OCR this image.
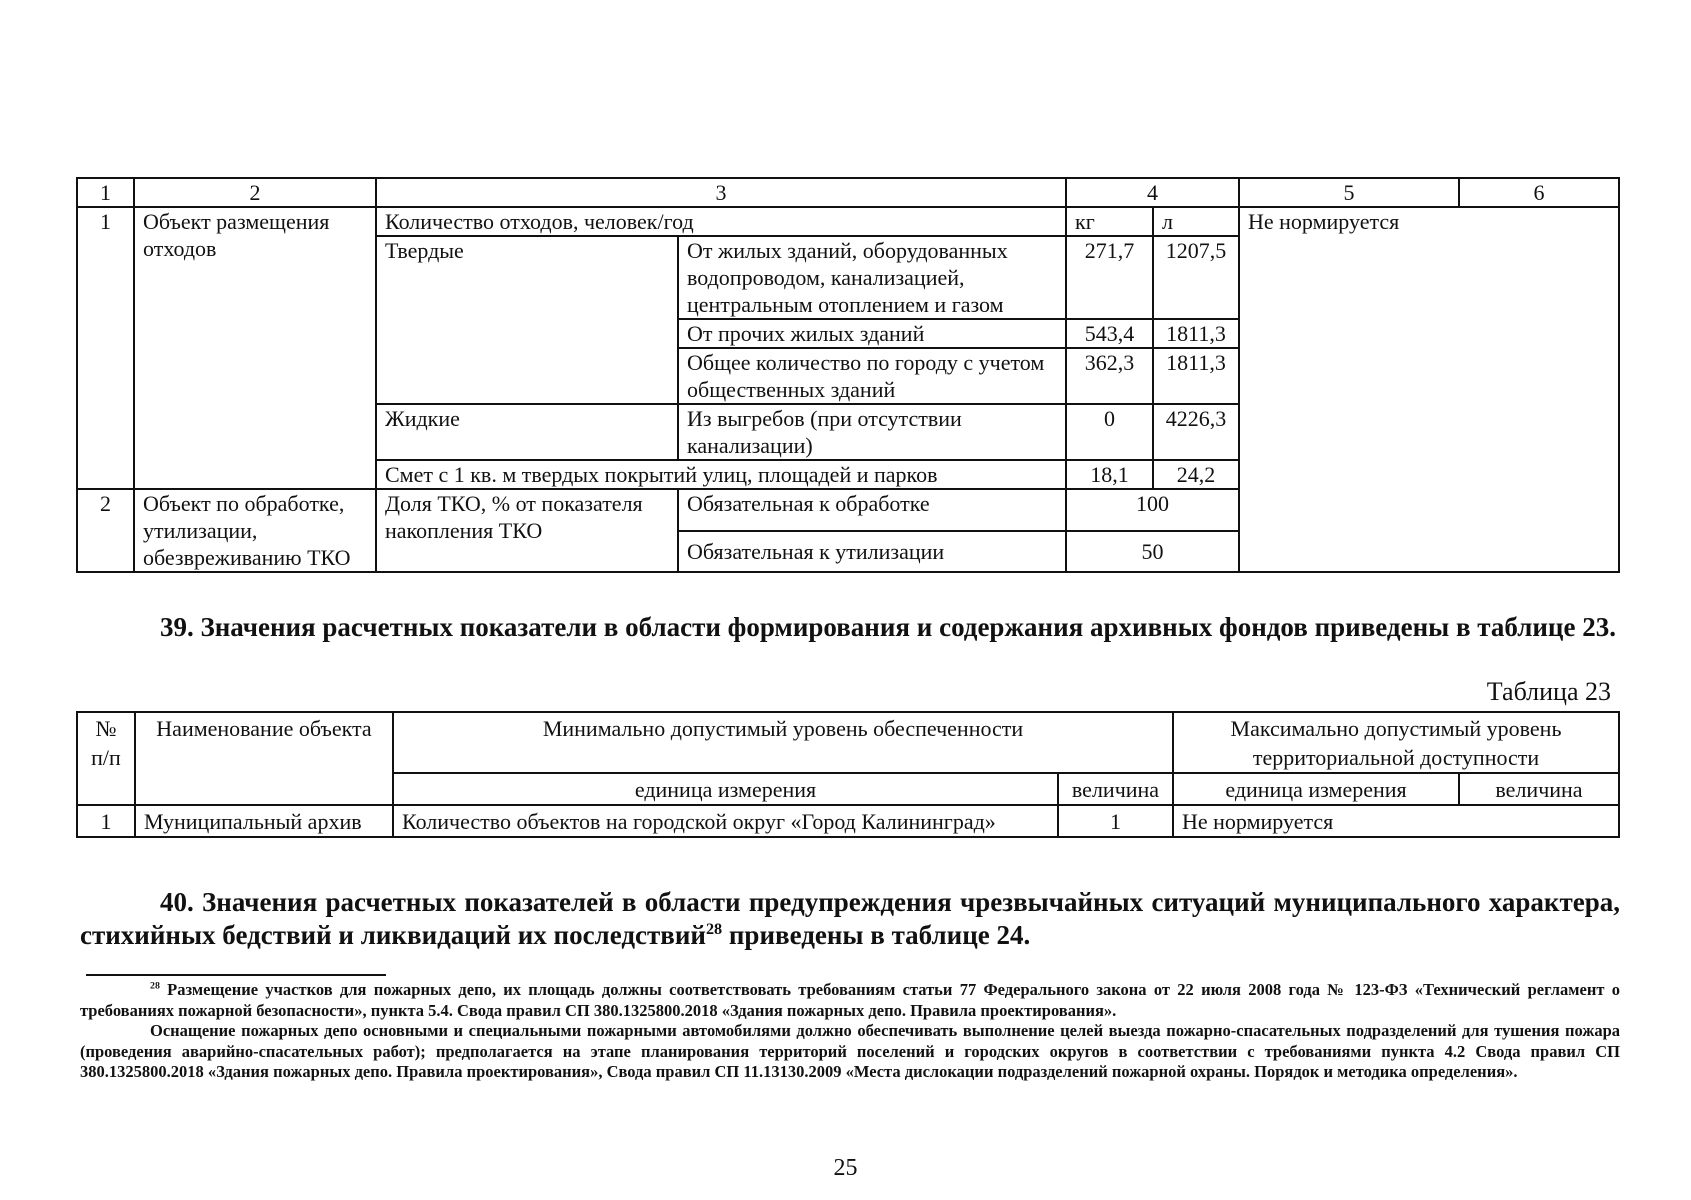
1	2	3		4		5	6
1	Объект размещения отходов	Количество отходов, человек/год		кг	л	Не нормируется	
		Твердые	От жилых зданий, оборудованных водопроводом, канализацией, центральным отоплением и газом	271,7	1207,5		
			От прочих жилых зданий	543,4	1811,3		
			Общее количество по городу с учетом общественных зданий	362,3	1811,3		
		Жидкие	Из выгребов (при отсутствии канализации)	0	4226,3		
		Смет с 1 кв. м твердых покрытий улиц, площадей и парков		18,1	24,2		
2	Объект по обработке, утилизации, обезвреживанию ТКО	Доля ТКО, % от показателя накопления ТКО	Обязательная к обработке	100			
			Обязательная к утилизации	50			
39. Значения расчетных показатели в области формирования и содержания архивных фондов приведены в таблице 23.
Таблица 23
№ п/п	Наименование объекта	Минимально допустимый уровень обеспеченности		Максимально допустимый уровень территориальной доступности	
		единица измерения	величина	единица измерения	величина
1	Муниципальный архив	Количество объектов на городской округ «Город Калининград»	1	Не нормируется	
40. Значения расчетных показателей в области предупреждения чрезвычайных ситуаций муниципального характера, стихийных бедствий и ликвидаций их последствий$^{28}$ приведены в таблице 24.

$^{28}$ Размещение участков для пожарных депо, их площадь должны соответствовать требованиям статьи 77 Федерального закона от 22 июля 2008 года № 123-ФЗ «Технический регламент о требованиях пожарной безопасности», пункта 5.4. Свода правил СП 380.1325800.2018 «Здания пожарных депо. Правила проектирования».

Оснащение пожарных депо основными и специальными пожарными автомобилями должно обеспечивать выполнение целей выезда пожарно-спасательных подразделений для тушения пожара (проведения аварийно-спасательных работ); предполагается на этапе планирования территорий поселений и городских округов в соответствии с требованиями пункта 4.2 Свода правил СП 380.1325800.2018 «Здания пожарных депо. Правила проектирования», Свода правил СП 11.13130.2009 «Места дислокации подразделений пожарной охраны. Порядок и методика определения».

25
